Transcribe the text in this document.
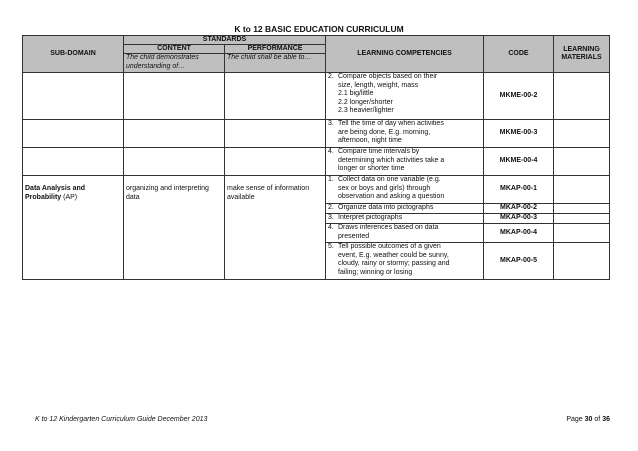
K to 12 BASIC EDUCATION CURRICULUM
SUB-DOMAIN	STANDARDS		LEARNING COMPETENCIES	CODE	LEARNING MATERIALS
	CONTENT	PERFORMANCE			
	The child demonstrates understanding of…	The child shall be able to…			

			2. Compare objects based on their
size, length, weight, mass
2.1 big/little
2.2 longer/shorter
2.3 heavier/lighter	MKME-00-2	

			3. Tell the time of day when activities
are being done, E.g. morning,
afternoon, night time	MKME-00-3	

			4. Compare time intervals by
determining which activities take a
longer or shorter time	MKME-00-4	
Data Analysis and Probability (AP)	organizing and interpreting data	make sense of information available	1. Collect data on one variable (e.g.
sex or boys and girls) through
observation and asking a question	MKAP-00-1	
			2. Organize data into pictographs	MKAP-00-2	
			3. Interpret pictographs	MKAP-00-3	

			4. Draws inferences based on data
presented	MKAP-00-4	

			5. Tell possible outcomes of a given
event, E.g. weather could be sunny,
cloudy, rainy or stormy; passing and
failing; winning or losing	MKAP-00-5	
K to 12 Kindergarten Curriculum Guide December 2013	Page 30 of 36
